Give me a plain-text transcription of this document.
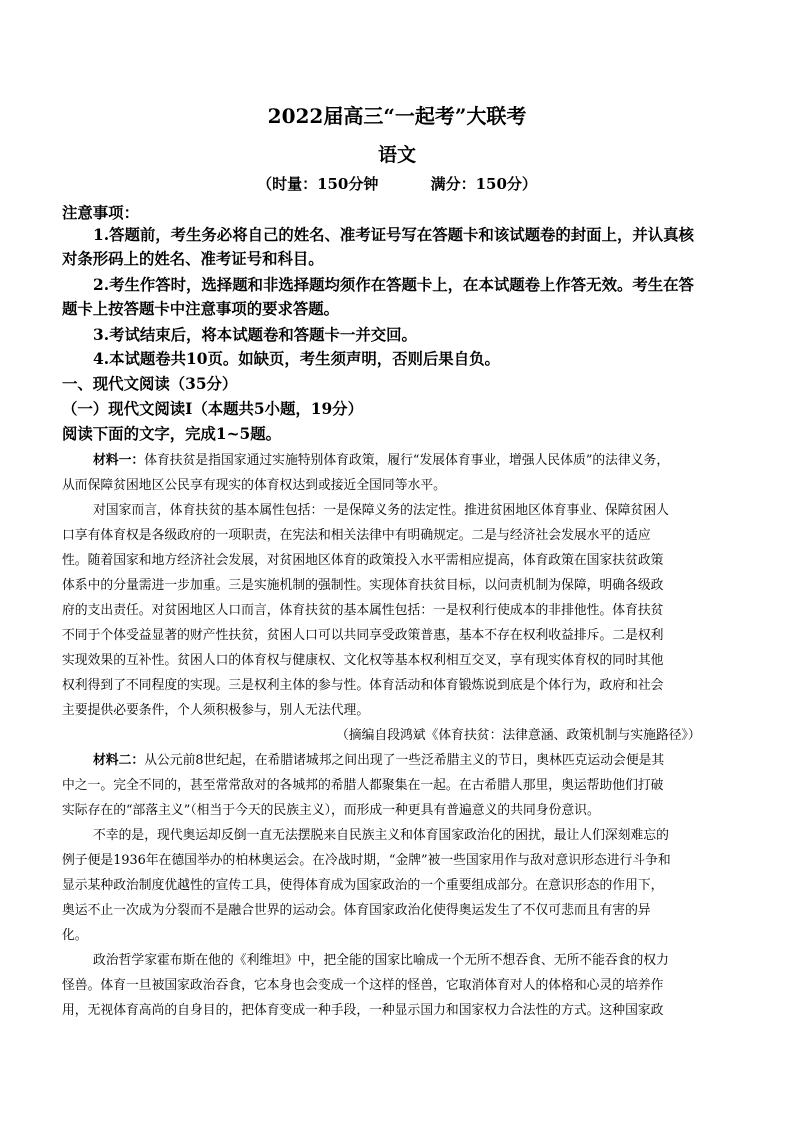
2022届高三“一起考”大联考
语文
（时量：150分钟          满分：150分）
注意事项：
1.答题前，考生务必将自己的姓名、准考证号写在答题卡和该试题卷的封面上，并认真核
对条形码上的姓名、准考证号和科目。
2.考生作答时，选择题和非选择题均须作在答题卡上，在本试题卷上作答无效。考生在答
题卡上按答题卡中注意事项的要求答题。
3.考试结束后，将本试题卷和答题卡一并交回。
4.本试题卷共10页。如缺页，考生须声明，否则后果自负。
一、现代文阅读（35分）
（一）现代文阅读Ⅰ（本题共5小题，19分）
阅读下面的文字，完成1~5题。
材料一：体育扶贫是指国家通过实施特别体育政策，履行“发展体育事业，增强人民体质”的法律义务，
从而保障贫困地区公民享有现实的体育权达到或接近全国同等水平。
对国家而言，体育扶贫的基本属性包括：一是保障义务的法定性。推进贫困地区体育事业、保障贫困人
口享有体育权是各级政府的一项职责，在宪法和相关法律中有明确规定。二是与经济社会发展水平的适应
性。随着国家和地方经济社会发展，对贫困地区体育的政策投入水平需相应提高，体育政策在国家扶贫政策
体系中的分量需进一步加重。三是实施机制的强制性。实现体育扶贫目标，以问责机制为保障，明确各级政
府的支出责任。对贫困地区人口而言，体育扶贫的基本属性包括：一是权利行使成本的非排他性。体育扶贫
不同于个体受益显著的财产性扶贫，贫困人口可以共同享受政策普惠，基本不存在权利收益排斥。二是权利
实现效果的互补性。贫困人口的体育权与健康权、文化权等基本权利相互交叉，享有现实体育权的同时其他
权利得到了不同程度的实现。三是权利主体的参与性。体育活动和体育锻炼说到底是个体行为，政府和社会
主要提供必要条件，个人须积极参与，别人无法代理。
（摘编自段鸿斌《体育扶贫：法律意涵、政策机制与实施路径》）
材料二：从公元前8世纪起，在希腊诸城邦之间出现了一些泛希腊主义的节日，奥林匹克运动会便是其
中之一。完全不同的，甚至常常敌对的各城邦的希腊人都聚集在一起。在古希腊人那里，奥运帮助他们打破
实际存在的“部落主义”（相当于今天的民族主义），而形成一种更具有普遍意义的共同身份意识。
不幸的是，现代奥运却反倒一直无法摆脱来自民族主义和体育国家政治化的困扰，最让人们深刻难忘的
例子便是1936年在德国举办的柏林奥运会。在冷战时期，“金牌”被一些国家用作与敌对意识形态进行斗争和
显示某种政治制度优越性的宣传工具，使得体育成为国家政治的一个重要组成部分。在意识形态的作用下，
奥运不止一次成为分裂而不是融合世界的运动会。体育国家政治化使得奥运发生了不仅可悲而且有害的异
化。
政治哲学家霍布斯在他的《利维坦》中，把全能的国家比喻成一个无所不想吞食、无所不能吞食的权力
怪兽。体育一旦被国家政治吞食，它本身也会变成一个这样的怪兽，它取消体育对人的体格和心灵的培养作
用，无视体育高尚的自身目的，把体育变成一种手段，一种显示国力和国家权力合法性的方式。这种国家政
